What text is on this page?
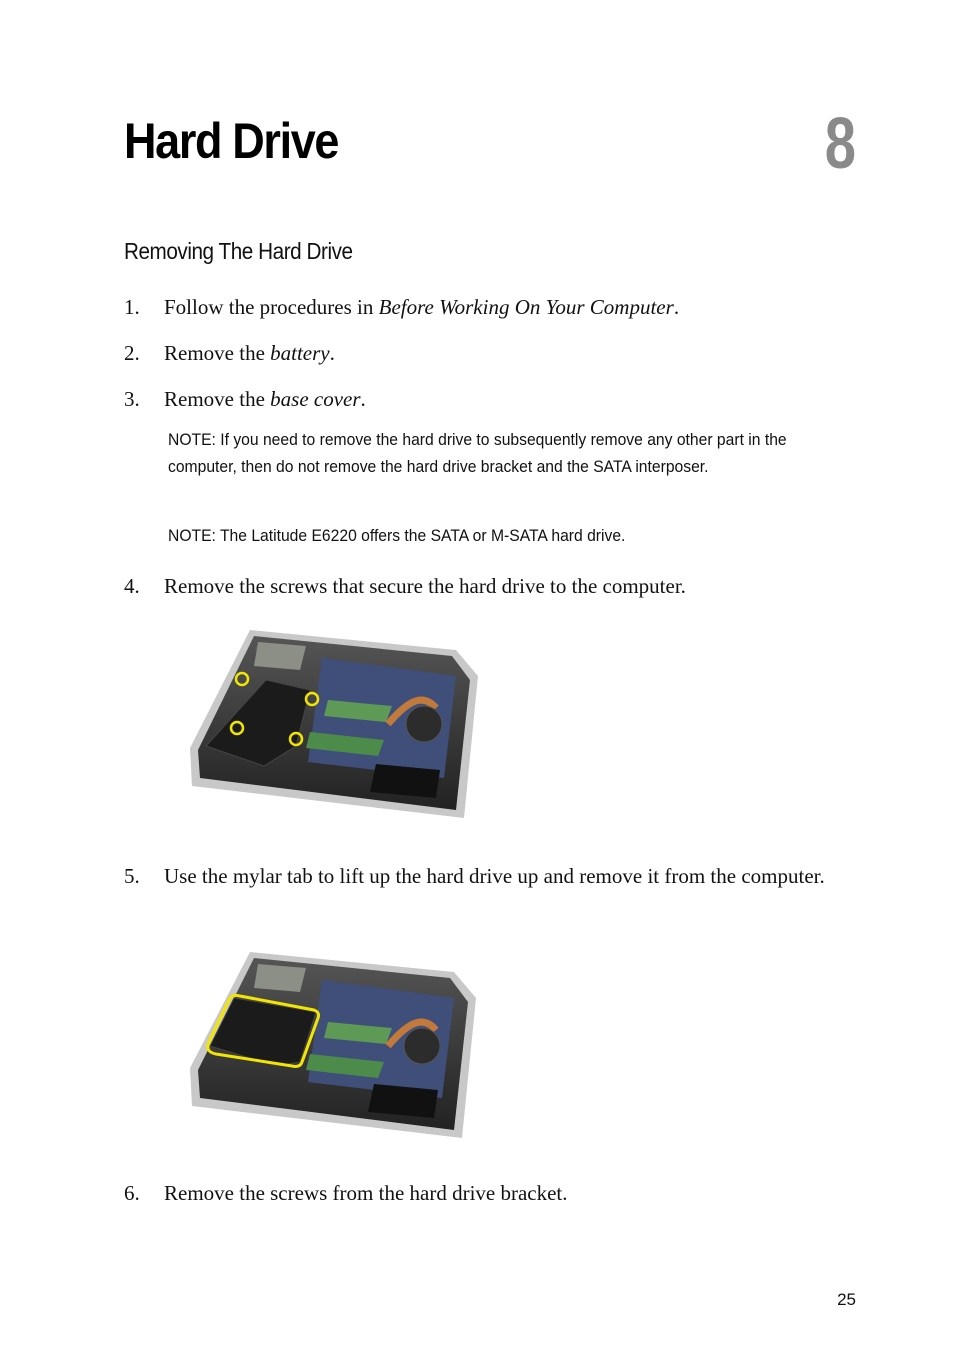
Hard Drive	8
Removing The Hard Drive
1. Follow the procedures in Before Working On Your Computer.
2. Remove the battery.
3. Remove the base cover.
NOTE: If you need to remove the hard drive to subsequently remove any other part in the computer, then do not remove the hard drive bracket and the SATA interposer.
NOTE: The Latitude E6220 offers the SATA or M-SATA hard drive.
4. Remove the screws that secure the hard drive to the computer.
5. Use the mylar tab to lift up the hard drive up and remove it from the computer.
6. Remove the screws from the hard drive bracket.
25
